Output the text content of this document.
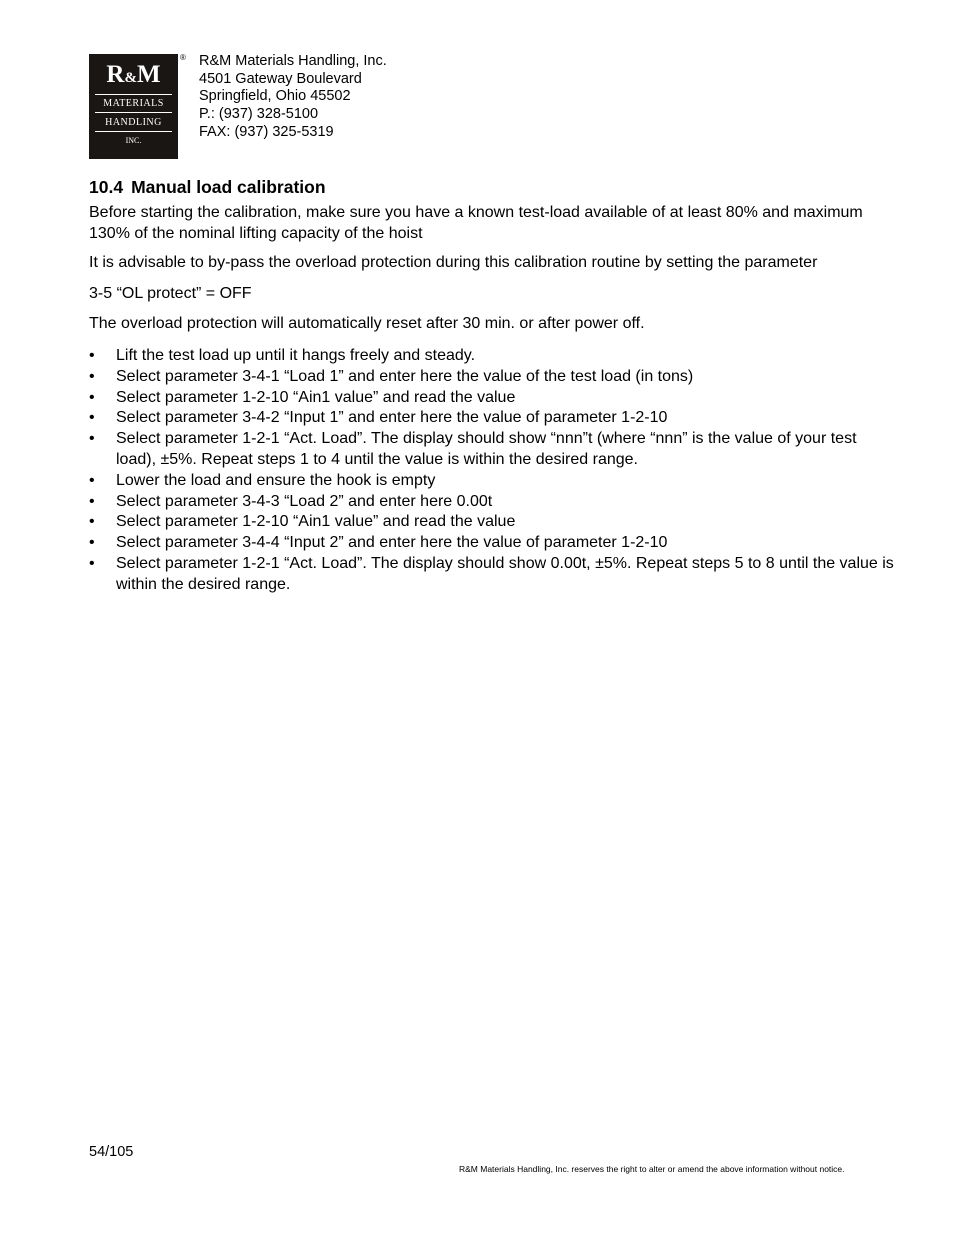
R&M
MATERIALS
HANDLING
INC.
® R&M Materials Handling, Inc.
4501 Gateway Boulevard
Springfield, Ohio 45502
P.: (937) 328-5100
FAX: (937) 325-5319
10.4 Manual load calibration
Before starting the calibration, make sure you have a known test-load available of at least 80% and maximum 130% of the nominal lifting capacity of the hoist
It is advisable to by-pass the overload protection during this calibration routine by setting the parameter
3-5 “OL protect” = OFF
The overload protection will automatically reset after 30 min. or after power off.
• Lift the test load up until it hangs freely and steady.
• Select parameter 3-4-1 “Load 1” and enter here the value of the test load (in tons)
• Select parameter 1-2-10 “Ain1 value” and read the value
• Select parameter 3-4-2 “Input 1” and enter here the value of parameter 1-2-10
• Select parameter 1-2-1 “Act. Load”. The display should show “nnn”t (where “nnn” is the value of your test load), ±5%. Repeat steps 1 to 4 until the value is within the desired range.
• Lower the load and ensure the hook is empty
• Select parameter 3-4-3 “Load 2” and enter here 0.00t
• Select parameter 1-2-10 “Ain1 value” and read the value
• Select parameter 3-4-4 “Input 2” and enter here the value of parameter 1-2-10
• Select parameter 1-2-1 “Act. Load”. The display should show 0.00t, ±5%. Repeat steps 5 to 8 until the value is within the desired range.
54/105
R&M Materials Handling, Inc. reserves the right to alter or amend the above information without notice.
